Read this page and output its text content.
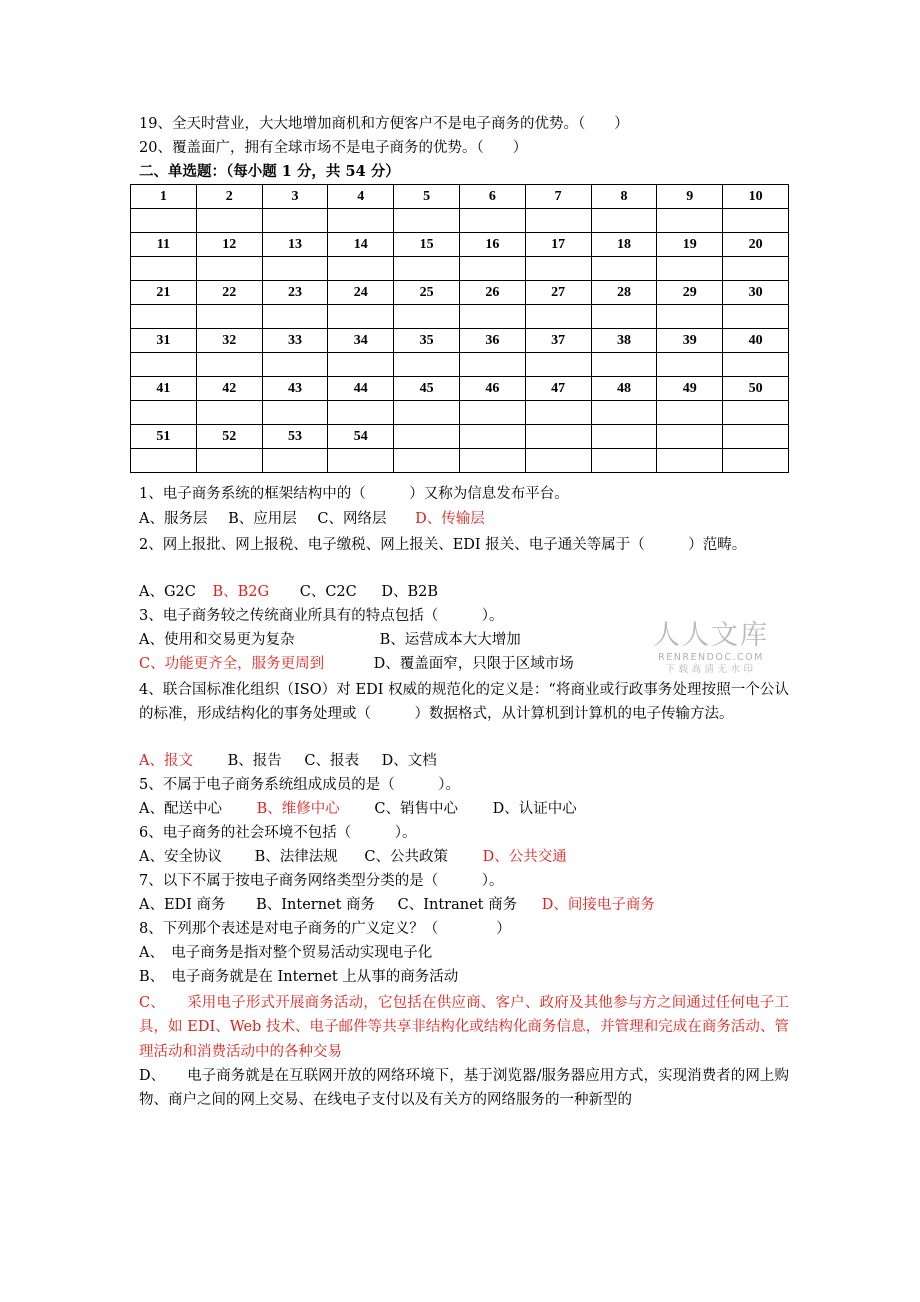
19、全天时营业，大大地增加商机和方便客户不是电子商务的优势。（　　）
20、覆盖面广，拥有全球市场不是电子商务的优势。（　　）
二、单选题：（每小题 1 分，共 54 分）
1	2	3	4	5	6	7	8	9	10

11	12	13	14	15	16	17	18	19	20

21	22	23	24	25	26	27	28	29	30

31	32	33	34	35	36	37	38	39	40

41	42	43	44	45	46	47	48	49	50

51	52	53	54						

1、电子商务系统的框架结构中的（　　　）又称为信息发布平台。
A、服务层 B、应用层 C、网络层 D、传输层
2、网上报批、网上报税、电子缴税、网上报关、EDI 报关、电子通关等属于（　　　）范畴。
A、G2C B、B2G C、C2C D、B2B
3、电子商务较之传统商业所具有的特点包括（　　　）。
A、使用和交易更为复杂	B、运营成本大大增加
C、功能更齐全，服务更周到	D、覆盖面窄，只限于区域市场
4、联合国标准化组织（ISO）对 EDI 权威的规范化的定义是：“将商业或行政事务处理按照一个公认的标准，形成结构化的事务处理或（　　　）数据格式，从计算机到计算机的电子传输方法。
A、报文 B、报告 C、报表 D、文档
5、不属于电子商务系统组成成员的是（　　　）。
A、配送中心 B、维修中心 C、销售中心 D、认证中心
6、电子商务的社会环境不包括（　　　）。
A、安全协议 B、法律法规 C、公共政策 D、公共交通
7、以下不属于按电子商务网络类型分类的是（　　　）。
A、EDI 商务 B、Internet 商务 C、Intranet 商务 D、间接电子商务
8、下列那个表述是对电子商务的广义定义？（　　　　）
A、　电子商务是指对整个贸易活动实现电子化
B、　电子商务就是在 Internet 上从事的商务活动
C、　　采用电子形式开展商务活动，它包括在供应商、客户、政府及其他参与方之间通过任何电子工具，如 EDI、Web 技术、电子邮件等共享非结构化或结构化商务信息，并管理和完成在商务活动、管理活动和消费活动中的各种交易
D、　　电子商务就是在互联网开放的网络环境下，基于浏览器/服务器应用方式，实现消费者的网上购物、商户之间的网上交易、在线电子支付以及有关方的网络服务的一种新型的
人人文库
RENRENDOC.COM
下载高清无水印
